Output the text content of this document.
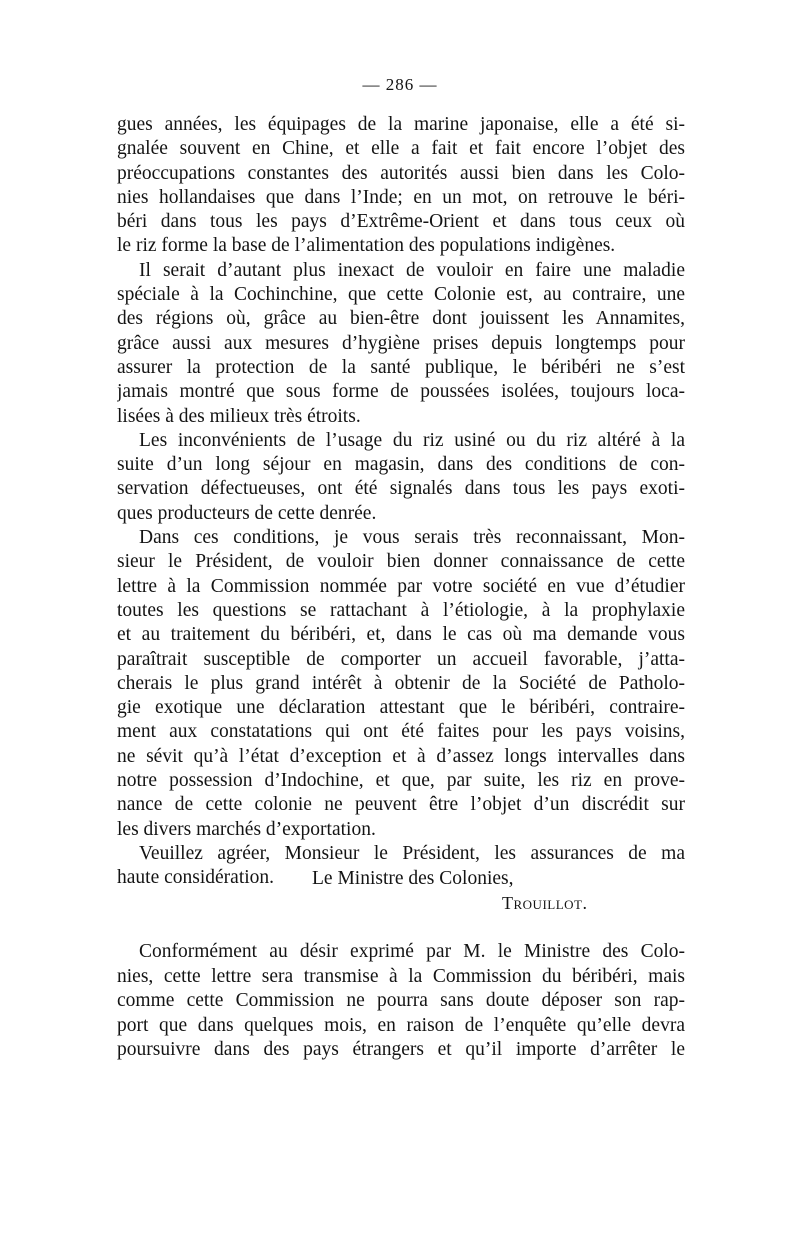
— 286 —
gues années, les équipages de la marine japonaise, elle a été si-
gnalée souvent en Chine, et elle a fait et fait encore l’objet des
préoccupations constantes des autorités aussi bien dans les Colo-
nies hollandaises que dans l’Inde; en un mot, on retrouve le béri-
béri dans tous les pays d’Extrême-Orient et dans tous ceux où
le riz forme la base de l’alimentation des populations indigènes.
Il serait d’autant plus inexact de vouloir en faire une maladie
spéciale à la Cochinchine, que cette Colonie est, au contraire, une
des régions où, grâce au bien-être dont jouissent les Annamites,
grâce aussi aux mesures d’hygiène prises depuis longtemps pour
assurer la protection de la santé publique, le béribéri ne s’est
jamais montré que sous forme de poussées isolées, toujours loca-
lisées à des milieux très étroits.
Les inconvénients de l’usage du riz usiné ou du riz altéré à la
suite d’un long séjour en magasin, dans des conditions de con-
servation défectueuses, ont été signalés dans tous les pays exoti-
ques producteurs de cette denrée.
Dans ces conditions, je vous serais très reconnaissant, Mon-
sieur le Président, de vouloir bien donner connaissance de cette
lettre à la Commission nommée par votre société en vue d’étudier
toutes les questions se rattachant à l’étiologie, à la prophylaxie
et au traitement du béribéri, et, dans le cas où ma demande vous
paraîtrait susceptible de comporter un accueil favorable, j’atta-
cherais le plus grand intérêt à obtenir de la Société de Patholo-
gie exotique une déclaration attestant que le béribéri, contraire-
ment aux constatations qui ont été faites pour les pays voisins,
ne sévit qu’à l’état d’exception et à d’assez longs intervalles dans
notre possession d’Indochine, et que, par suite, les riz en prove-
nance de cette colonie ne peuvent être l’objet d’un discrédit sur
les divers marchés d’exportation.
Veuillez agréer, Monsieur le Président, les assurances de ma
haute considération.	Le Ministre des Colonies,
Trouillot.
Conformément au désir exprimé par M. le Ministre des Colo-
nies, cette lettre sera transmise à la Commission du béribéri, mais
comme cette Commission ne pourra sans doute déposer son rap-
port que dans quelques mois, en raison de l’enquête qu’elle devra
poursuivre dans des pays étrangers et qu’il importe d’arrêter le
